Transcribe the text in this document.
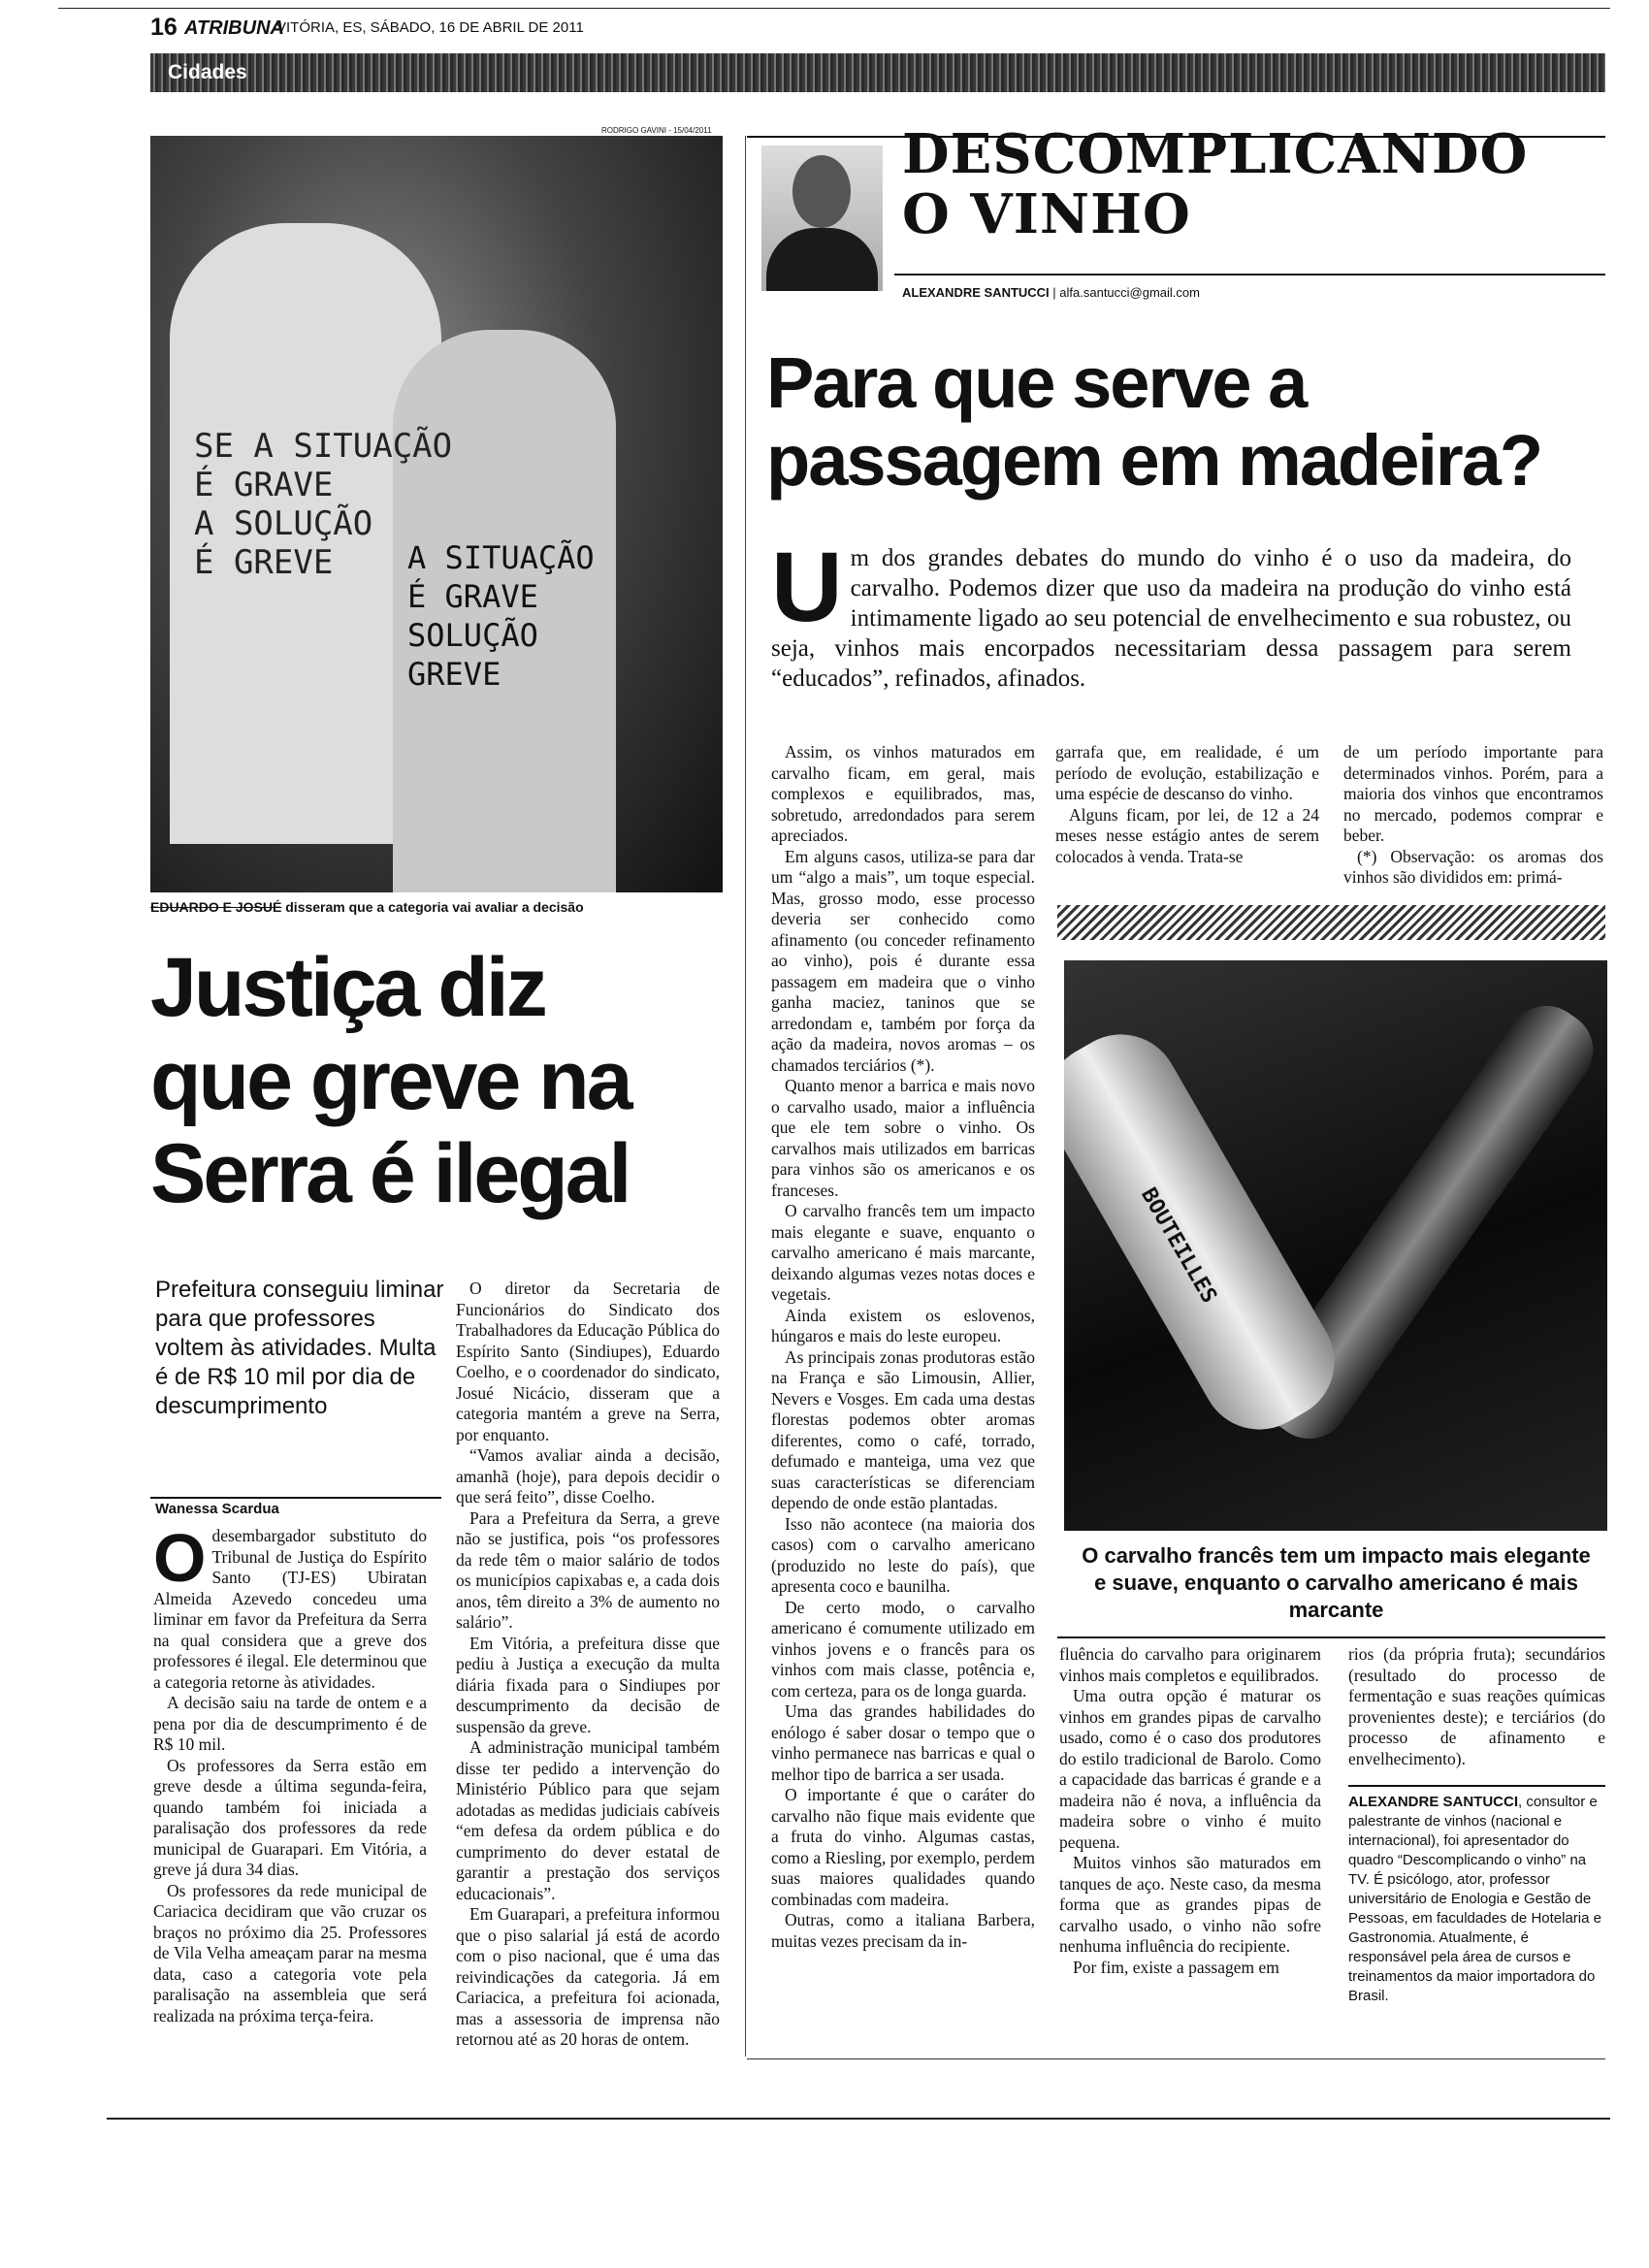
16 ATRIBUNA
VITÓRIA, ES, SÁBADO, 16 DE ABRIL DE 2011
Cidades
RODRIGO GAVINI - 15/04/2011
SE A SITUAÇÃO
É GRAVE
A SOLUÇÃO
É GREVE	A SITUAÇÃO
É GRAVE
SOLUÇÃO
GREVE
EDUARDO E JOSUÉ disseram que a categoria vai avaliar a decisão
Justiça diz
que greve na
Serra é ilegal
Prefeitura conseguiu liminar para que professores voltem às atividades. Multa é de R$ 10 mil por dia de descumprimento
Wanessa Scardua
O desembargador substituto do Tribunal de Justiça do Espírito Santo (TJ-ES) Ubiratan Almeida Azevedo concedeu uma liminar em favor da Prefeitura da Serra na qual considera que a greve dos professores é ilegal. Ele determinou que a categoria retorne às atividades.

A decisão saiu na tarde de ontem e a pena por dia de descumprimento é de R$ 10 mil.

Os professores da Serra estão em greve desde a última segunda-feira, quando também foi iniciada a paralisação dos professores da rede municipal de Guarapari. Em Vitória, a greve já dura 34 dias.

Os professores da rede municipal de Cariacica decidiram que vão cruzar os braços no próximo dia 25. Professores de Vila Velha ameaçam parar na mesma data, caso a categoria vote pela paralisação na assembleia que será realizada na próxima terça-feira.

O diretor da Secretaria de Funcionários do Sindicato dos Trabalhadores da Educação Pública do Espírito Santo (Sindiupes), Eduardo Coelho, e o coordenador do sindicato, Josué Nicácio, disseram que a categoria mantém a greve na Serra, por enquanto.

“Vamos avaliar ainda a decisão, amanhã (hoje), para depois decidir o que será feito”, disse Coelho.

Para a Prefeitura da Serra, a greve não se justifica, pois “os professores da rede têm o maior salário de todos os municípios capixabas e, a cada dois anos, têm direito a 3% de aumento no salário”.

Em Vitória, a prefeitura disse que pediu à Justiça a execução da multa diária fixada para o Sindiupes por descumprimento da decisão de suspensão da greve.

A administração municipal também disse ter pedido a intervenção do Ministério Público para que sejam adotadas as medidas judiciais cabíveis “em defesa da ordem pública e do cumprimento do dever estatal de garantir a prestação dos serviços educacionais”.

Em Guarapari, a prefeitura informou que o piso salarial já está de acordo com o piso nacional, que é uma das reivindicações da categoria. Já em Cariacica, a prefeitura foi acionada, mas a assessoria de imprensa não retornou até as 20 horas de ontem.

DESCOMPLICANDO
O VINHO
ALEXANDRE SANTUCCI | alfa.santucci@gmail.com
Para que serve a
passagem em madeira?
U m dos grandes debates do mundo do vinho é o uso da madeira, do carvalho. Podemos dizer que uso da madeira na produção do vinho está intimamente ligado ao seu potencial de envelhecimento e sua robustez, ou seja, vinhos mais encorpados necessitariam dessa passagem para serem “educados”, refinados, afinados.

Assim, os vinhos maturados em carvalho ficam, em geral, mais complexos e equilibrados, mas, sobretudo, arredondados para serem apreciados.

Em alguns casos, utiliza-se para dar um “algo a mais”, um toque especial. Mas, grosso modo, esse processo deveria ser conhecido como afinamento (ou conceder refinamento ao vinho), pois é durante essa passagem em madeira que o vinho ganha maciez, taninos que se arredondam e, também por força da ação da madeira, novos aromas – os chamados terciários (*).

Quanto menor a barrica e mais novo o carvalho usado, maior a influência que ele tem sobre o vinho. Os carvalhos mais utilizados em barricas para vinhos são os americanos e os franceses.

O carvalho francês tem um impacto mais elegante e suave, enquanto o carvalho americano é mais marcante, deixando algumas vezes notas doces e vegetais.

Ainda existem os eslovenos, húngaros e mais do leste europeu.

As principais zonas produtoras estão na França e são Limousin, Allier, Nevers e Vosges. Em cada uma destas florestas podemos obter aromas diferentes, como o café, torrado, defumado e manteiga, uma vez que suas características se diferenciam dependo de onde estão plantadas.

Isso não acontece (na maioria dos casos) com o carvalho americano (produzido no leste do país), que apresenta coco e baunilha.

De certo modo, o carvalho americano é comumente utilizado em vinhos jovens e o francês para os vinhos com mais classe, potência e, com certeza, para os de longa guarda.

Uma das grandes habilidades do enólogo é saber dosar o tempo que o vinho permanece nas barricas e qual o melhor tipo de barrica a ser usada.

O importante é que o caráter do carvalho não fique mais evidente que a fruta do vinho. Algumas castas, como a Riesling, por exemplo, perdem suas maiores qualidades quando combinadas com madeira.

Outras, como a italiana Barbera, muitas vezes precisam da in-

garrafa que, em realidade, é um período de evolução, estabilização e uma espécie de descanso do vinho.

Alguns ficam, por lei, de 12 a 24 meses nesse estágio antes de serem colocados à venda. Trata-se

de um período importante para determinados vinhos. Porém, para a maioria dos vinhos que encontramos no mercado, podemos comprar e beber.

(*) Observação: os aromas dos vinhos são divididos em: primá-

BOUTEILLES
O carvalho francês tem um impacto mais elegante e suave, enquanto o carvalho americano é mais marcante

fluência do carvalho para originarem vinhos mais completos e equilibrados.

Uma outra opção é maturar os vinhos em grandes pipas de carvalho usado, como é o caso dos produtores do estilo tradicional de Barolo. Como a capacidade das barricas é grande e a madeira não é nova, a influência da madeira sobre o vinho é muito pequena.

Muitos vinhos são maturados em tanques de aço. Neste caso, da mesma forma que as grandes pipas de carvalho usado, o vinho não sofre nenhuma influência do recipiente.

Por fim, existe a passagem em

rios (da própria fruta); secundários (resultado do processo de fermentação e suas reações químicas provenientes deste); e terciários (do processo de afinamento e envelhecimento).
ALEXANDRE SANTUCCI, consultor e palestrante de vinhos (nacional e internacional), foi apresentador do quadro “Descomplicando o vinho” na TV. É psicólogo, ator, professor universitário de Enologia e Gestão de Pessoas, em faculdades de Hotelaria e Gastronomia. Atualmente, é responsável pela área de cursos e treinamentos da maior importadora do Brasil.
